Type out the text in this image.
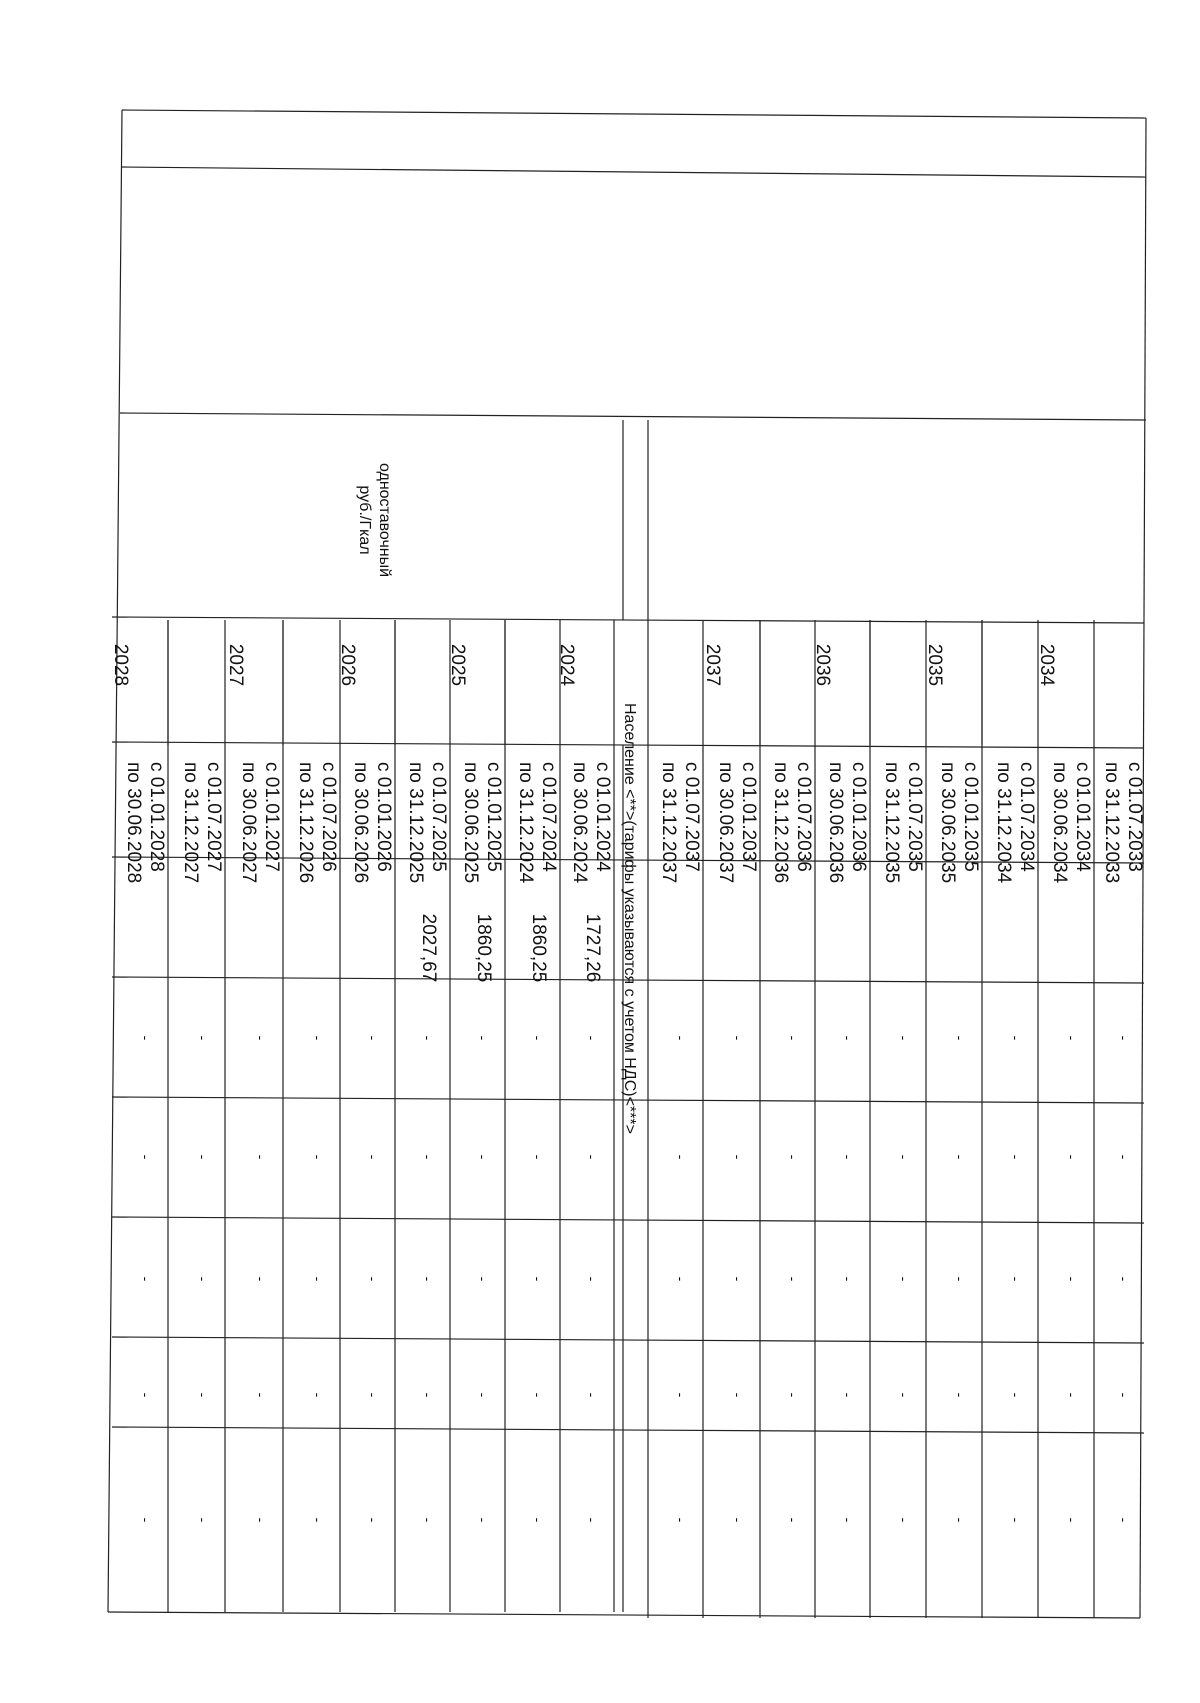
с 01.07.2033
по 31.12.2033
-
-
-
-
-
с 01.01.2034
по 30.06.2034
2034
-
-
-
-
-
с 01.07.2034
по 31.12.2034
-
-
-
-
-
с 01.01.2035
по 30.06.2035
2035
-
-
-
-
-
с 01.07.2035
по 31.12.2035
-
-
-
-
-
с 01.01.2036
по 30.06.2036
2036
-
-
-
-
-
с 01.07.2036
по 31.12.2036
-
-
-
-
-
с 01.01.2037
по 30.06.2037
2037
-
-
-
-
-
с 01.07.2037
по 31.12.2037
-
-
-
-
-
с 01.01.2024
по 30.06.2024
1727,26
2024
-
-
-
-
-
с 01.07.2024
по 31.12.2024
1860,25
-
-
-
-
-
с 01.01.2025
по 30.06.2025
1860,25
2025
-
-
-
-
-
с 01.07.2025
по 31.12.2025
2027,67
-
-
-
-
-
с 01.01.2026
по 30.06.2026
2026
-
-
-
-
-
с 01.07.2026
по 31.12.2026
-
-
-
-
-
с 01.01.2027
по 30.06.2027
2027
-
-
-
-
-
с 01.07.2027
по 31.12.2027
-
-
-
-
-
с 01.01.2028
по 30.06.2028
2028
-
-
-
-
-
одноставочный
руб./Гкал
Население <**>(тарифы указываются с учетом НДС)<***>
